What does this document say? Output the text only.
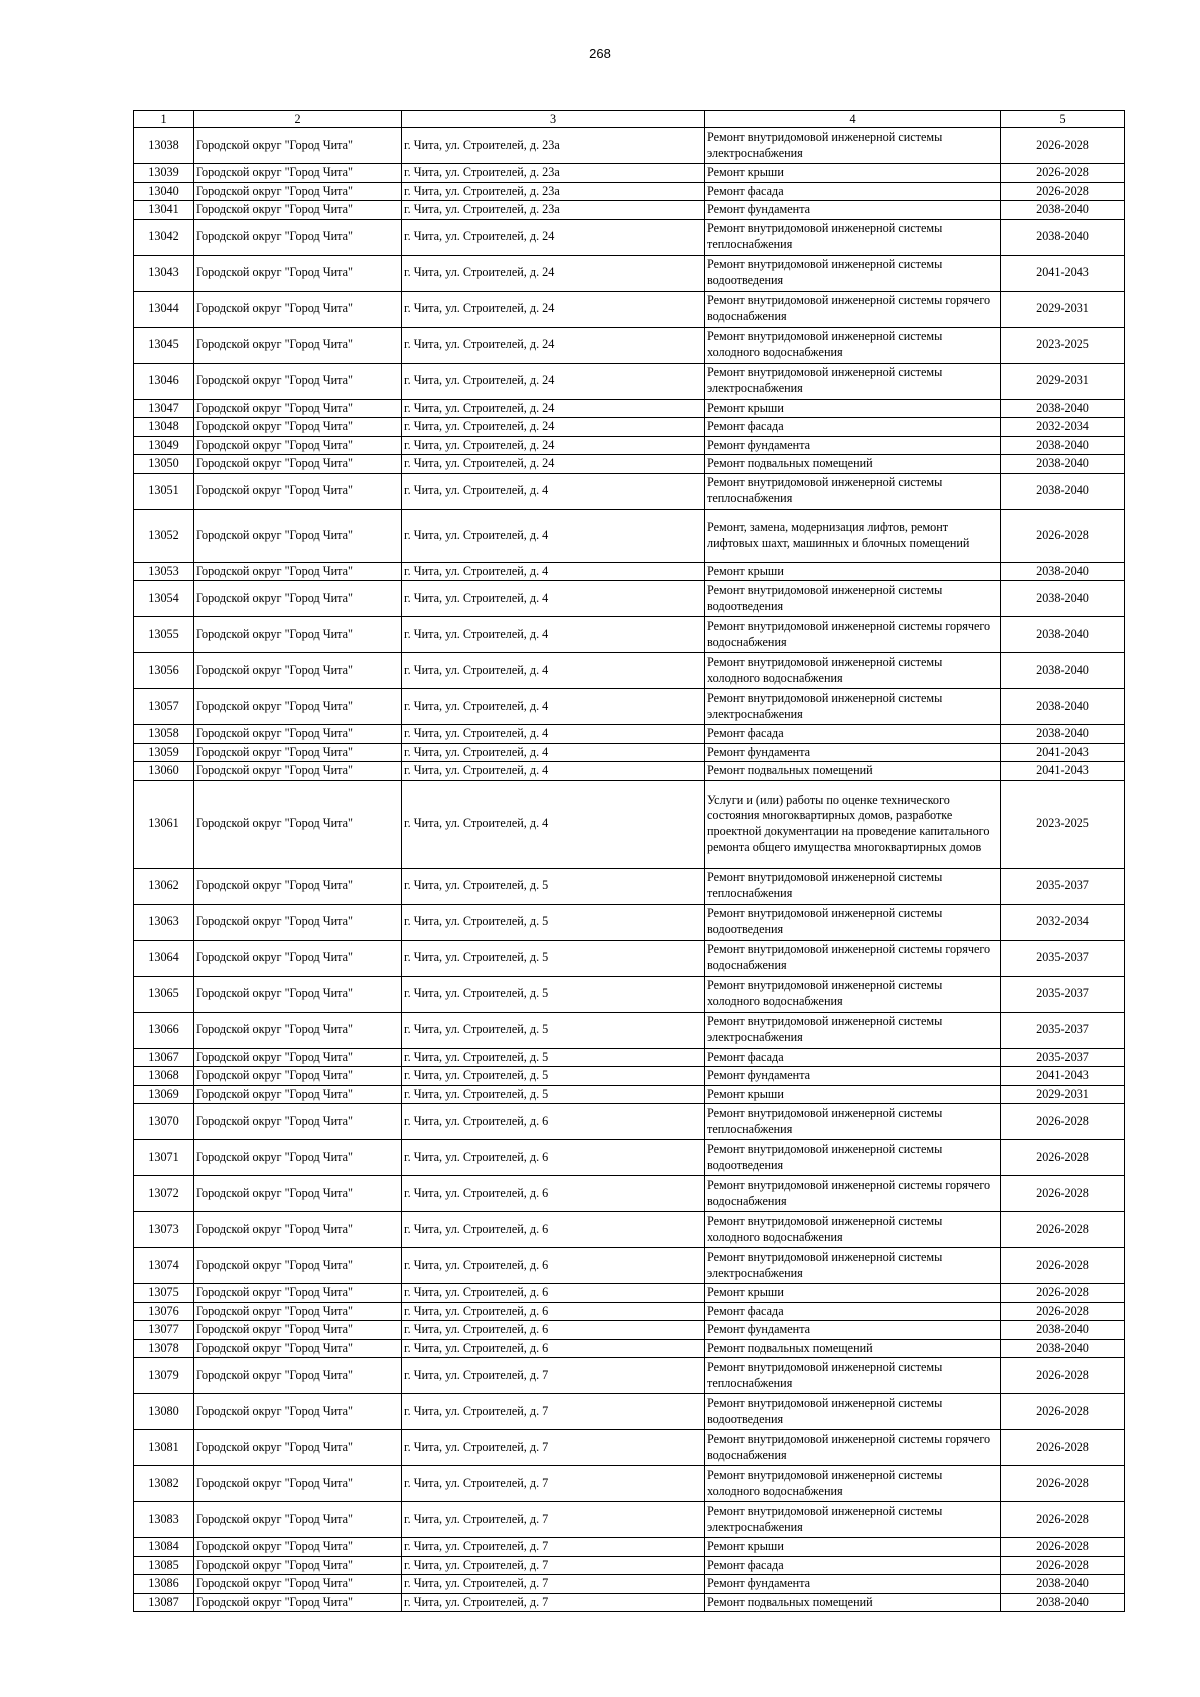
268
1	2	3	4	5
13038	Городской округ "Город Чита"	г. Чита, ул. Строителей, д. 23а	Ремонт внутридомовой инженерной системы электроснабжения	2026-2028
13039	Городской округ "Город Чита"	г. Чита, ул. Строителей, д. 23а	Ремонт крыши	2026-2028
13040	Городской округ "Город Чита"	г. Чита, ул. Строителей, д. 23а	Ремонт фасада	2026-2028
13041	Городской округ "Город Чита"	г. Чита, ул. Строителей, д. 23а	Ремонт фундамента	2038-2040
13042	Городской округ "Город Чита"	г. Чита, ул. Строителей, д. 24	Ремонт внутридомовой инженерной системы теплоснабжения	2038-2040
13043	Городской округ "Город Чита"	г. Чита, ул. Строителей, д. 24	Ремонт внутридомовой инженерной системы водоотведения	2041-2043
13044	Городской округ "Город Чита"	г. Чита, ул. Строителей, д. 24	Ремонт внутридомовой инженерной системы горячего водоснабжения	2029-2031
13045	Городской округ "Город Чита"	г. Чита, ул. Строителей, д. 24	Ремонт внутридомовой инженерной системы холодного водоснабжения	2023-2025
13046	Городской округ "Город Чита"	г. Чита, ул. Строителей, д. 24	Ремонт внутридомовой инженерной системы электроснабжения	2029-2031
13047	Городской округ "Город Чита"	г. Чита, ул. Строителей, д. 24	Ремонт крыши	2038-2040
13048	Городской округ "Город Чита"	г. Чита, ул. Строителей, д. 24	Ремонт фасада	2032-2034
13049	Городской округ "Город Чита"	г. Чита, ул. Строителей, д. 24	Ремонт фундамента	2038-2040
13050	Городской округ "Город Чита"	г. Чита, ул. Строителей, д. 24	Ремонт подвальных помещений	2038-2040
13051	Городской округ "Город Чита"	г. Чита, ул. Строителей, д. 4	Ремонт внутридомовой инженерной системы теплоснабжения	2038-2040
13052	Городской округ "Город Чита"	г. Чита, ул. Строителей, д. 4	Ремонт, замена, модернизация лифтов, ремонт лифтовых шахт, машинных и блочных помещений	2026-2028
13053	Городской округ "Город Чита"	г. Чита, ул. Строителей, д. 4	Ремонт крыши	2038-2040
13054	Городской округ "Город Чита"	г. Чита, ул. Строителей, д. 4	Ремонт внутридомовой инженерной системы водоотведения	2038-2040
13055	Городской округ "Город Чита"	г. Чита, ул. Строителей, д. 4	Ремонт внутридомовой инженерной системы горячего водоснабжения	2038-2040
13056	Городской округ "Город Чита"	г. Чита, ул. Строителей, д. 4	Ремонт внутридомовой инженерной системы холодного водоснабжения	2038-2040
13057	Городской округ "Город Чита"	г. Чита, ул. Строителей, д. 4	Ремонт внутридомовой инженерной системы электроснабжения	2038-2040
13058	Городской округ "Город Чита"	г. Чита, ул. Строителей, д. 4	Ремонт фасада	2038-2040
13059	Городской округ "Город Чита"	г. Чита, ул. Строителей, д. 4	Ремонт фундамента	2041-2043
13060	Городской округ "Город Чита"	г. Чита, ул. Строителей, д. 4	Ремонт подвальных помещений	2041-2043
13061	Городской округ "Город Чита"	г. Чита, ул. Строителей, д. 4	Услуги и (или) работы по оценке технического состояния многоквартирных домов, разработке проектной документации на проведение капитального ремонта общего имущества многоквартирных домов	2023-2025
13062	Городской округ "Город Чита"	г. Чита, ул. Строителей, д. 5	Ремонт внутридомовой инженерной системы теплоснабжения	2035-2037
13063	Городской округ "Город Чита"	г. Чита, ул. Строителей, д. 5	Ремонт внутридомовой инженерной системы водоотведения	2032-2034
13064	Городской округ "Город Чита"	г. Чита, ул. Строителей, д. 5	Ремонт внутридомовой инженерной системы горячего водоснабжения	2035-2037
13065	Городской округ "Город Чита"	г. Чита, ул. Строителей, д. 5	Ремонт внутридомовой инженерной системы холодного водоснабжения	2035-2037
13066	Городской округ "Город Чита"	г. Чита, ул. Строителей, д. 5	Ремонт внутридомовой инженерной системы электроснабжения	2035-2037
13067	Городской округ "Город Чита"	г. Чита, ул. Строителей, д. 5	Ремонт фасада	2035-2037
13068	Городской округ "Город Чита"	г. Чита, ул. Строителей, д. 5	Ремонт фундамента	2041-2043
13069	Городской округ "Город Чита"	г. Чита, ул. Строителей, д. 5	Ремонт крыши	2029-2031
13070	Городской округ "Город Чита"	г. Чита, ул. Строителей, д. 6	Ремонт внутридомовой инженерной системы теплоснабжения	2026-2028
13071	Городской округ "Город Чита"	г. Чита, ул. Строителей, д. 6	Ремонт внутридомовой инженерной системы водоотведения	2026-2028
13072	Городской округ "Город Чита"	г. Чита, ул. Строителей, д. 6	Ремонт внутридомовой инженерной системы горячего водоснабжения	2026-2028
13073	Городской округ "Город Чита"	г. Чита, ул. Строителей, д. 6	Ремонт внутридомовой инженерной системы холодного водоснабжения	2026-2028
13074	Городской округ "Город Чита"	г. Чита, ул. Строителей, д. 6	Ремонт внутридомовой инженерной системы электроснабжения	2026-2028
13075	Городской округ "Город Чита"	г. Чита, ул. Строителей, д. 6	Ремонт крыши	2026-2028
13076	Городской округ "Город Чита"	г. Чита, ул. Строителей, д. 6	Ремонт фасада	2026-2028
13077	Городской округ "Город Чита"	г. Чита, ул. Строителей, д. 6	Ремонт фундамента	2038-2040
13078	Городской округ "Город Чита"	г. Чита, ул. Строителей, д. 6	Ремонт подвальных помещений	2038-2040
13079	Городской округ "Город Чита"	г. Чита, ул. Строителей, д. 7	Ремонт внутридомовой инженерной системы теплоснабжения	2026-2028
13080	Городской округ "Город Чита"	г. Чита, ул. Строителей, д. 7	Ремонт внутридомовой инженерной системы водоотведения	2026-2028
13081	Городской округ "Город Чита"	г. Чита, ул. Строителей, д. 7	Ремонт внутридомовой инженерной системы горячего водоснабжения	2026-2028
13082	Городской округ "Город Чита"	г. Чита, ул. Строителей, д. 7	Ремонт внутридомовой инженерной системы холодного водоснабжения	2026-2028
13083	Городской округ "Город Чита"	г. Чита, ул. Строителей, д. 7	Ремонт внутридомовой инженерной системы электроснабжения	2026-2028
13084	Городской округ "Город Чита"	г. Чита, ул. Строителей, д. 7	Ремонт крыши	2026-2028
13085	Городской округ "Город Чита"	г. Чита, ул. Строителей, д. 7	Ремонт фасада	2026-2028
13086	Городской округ "Город Чита"	г. Чита, ул. Строителей, д. 7	Ремонт фундамента	2038-2040
13087	Городской округ "Город Чита"	г. Чита, ул. Строителей, д. 7	Ремонт подвальных помещений	2038-2040
